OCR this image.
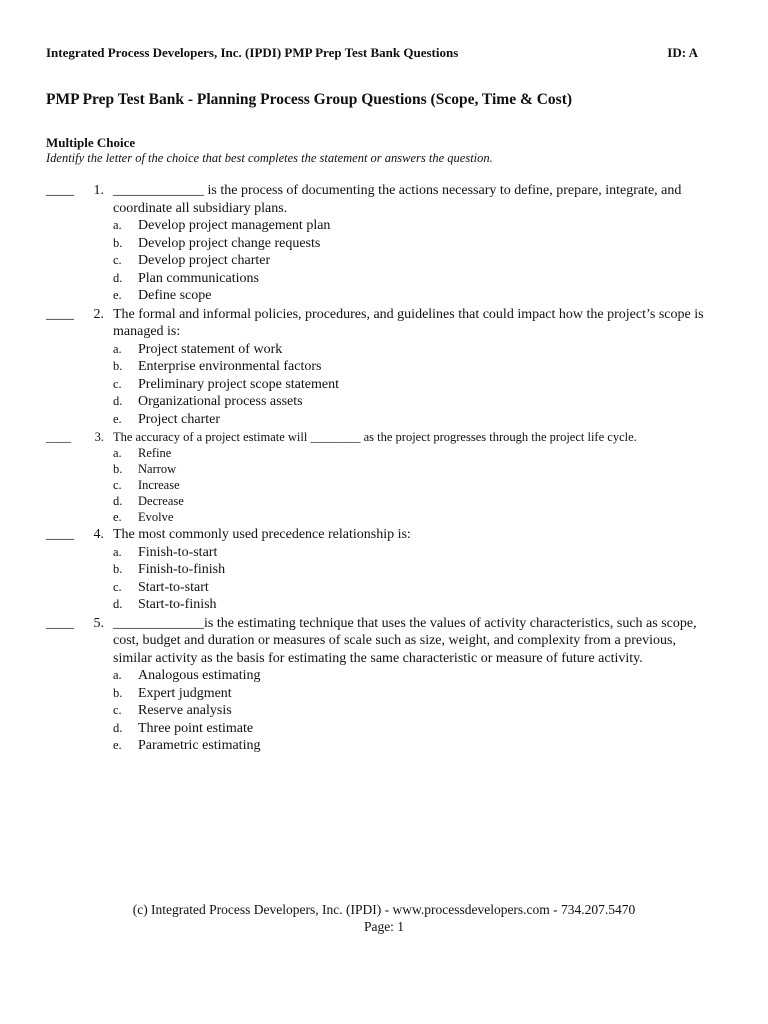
Integrated Process Developers, Inc. (IPDI) PMP Prep Test Bank Questions	ID: A
PMP Prep Test Bank - Planning Process Group Questions (Scope, Time & Cost)
Multiple Choice
Identify the letter of the choice that best completes the statement or answers the question.
____	1. _____________ is the process of documenting the actions necessary to define, prepare, integrate, and coordinate all subsidiary plans.
a. Develop project management plan
b. Develop project change requests
c. Develop project charter
d. Plan communications
e. Define scope
____	2. The formal and informal policies, procedures, and guidelines that could impact how the project’s scope is managed is:
a. Project statement of work
b. Enterprise environmental factors
c. Preliminary project scope statement
d. Organizational process assets
e. Project charter
____	3. The accuracy of a project estimate will ________ as the project progresses through the project life cycle.
a. Refine
b. Narrow
c. Increase
d. Decrease
e. Evolve
____	4. The most commonly used precedence relationship is:
a. Finish-to-start
b. Finish-to-finish
c. Start-to-start
d. Start-to-finish
____	5. _____________is the estimating technique that uses the values of activity characteristics, such as scope, cost, budget and duration or measures of scale such as size, weight, and complexity from a previous, similar activity as the basis for estimating the same characteristic or measure of future activity.
a. Analogous estimating
b. Expert judgment
c. Reserve analysis
d. Three point estimate
e. Parametric estimating
(c) Integrated Process Developers, Inc. (IPDI) - www.processdevelopers.com - 734.207.5470
Page: 1
